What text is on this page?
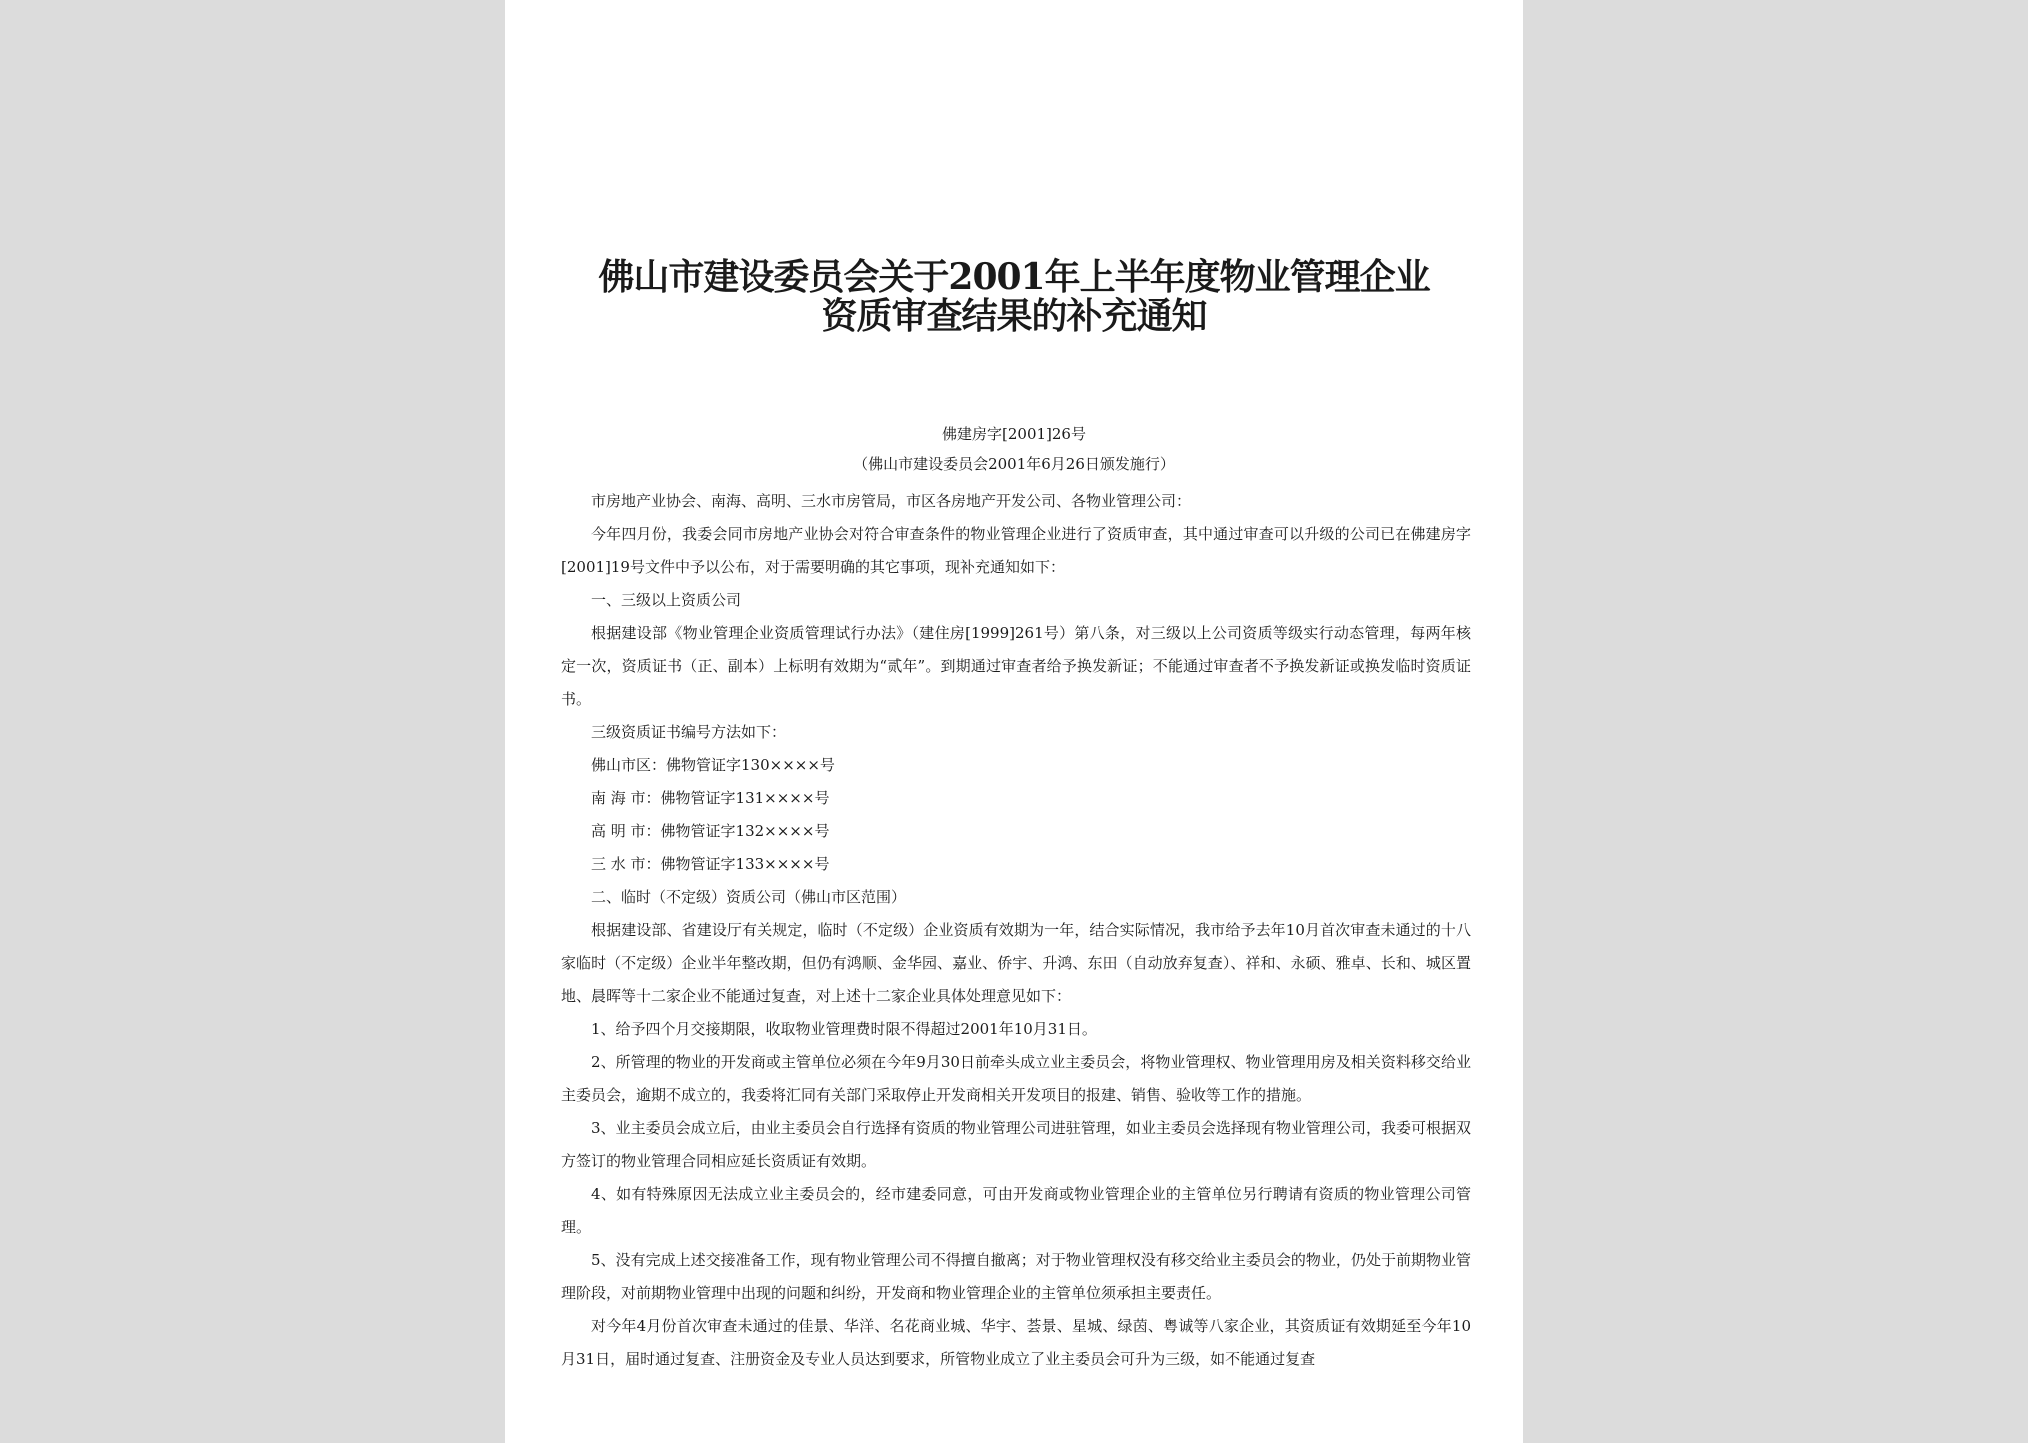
佛山市建设委员会关于2001年上半年度物业管理企业
资质审查结果的补充通知
佛建房字[2001]26号
（佛山市建设委员会2001年6月26日颁发施行）

市房地产业协会、南海、高明、三水市房管局，市区各房地产开发公司、各物业管理公司：

今年四月份，我委会同市房地产业协会对符合审查条件的物业管理企业进行了资质审查，其中通过审查可以升级的公司已在佛建房字[2001]19号文件中予以公布，对于需要明确的其它事项，现补充通知如下：

一、三级以上资质公司

根据建设部《物业管理企业资质管理试行办法》（建住房[1999]261号）第八条，对三级以上公司资质等级实行动态管理，每两年核定一次，资质证书（正、副本）上标明有效期为“贰年”。到期通过审查者给予换发新证；不能通过审查者不予换发新证或换发临时资质证书。

三级资质证书编号方法如下：

佛山市区：佛物管证字130××××号

南 海 市：佛物管证字131××××号

高 明 市：佛物管证字132××××号

三 水 市：佛物管证字133××××号

二、临时（不定级）资质公司（佛山市区范围）

根据建设部、省建设厅有关规定，临时（不定级）企业资质有效期为一年，结合实际情况，我市给予去年10月首次审查未通过的十八家临时（不定级）企业半年整改期，但仍有鸿顺、金华园、嘉业、侨宇、升鸿、东田（自动放弃复查）、祥和、永硕、雅卓、长和、城区置地、晨晖等十二家企业不能通过复查，对上述十二家企业具体处理意见如下：

1、给予四个月交接期限，收取物业管理费时限不得超过2001年10月31日。

2、所管理的物业的开发商或主管单位必须在今年9月30日前牵头成立业主委员会，将物业管理权、物业管理用房及相关资料移交给业主委员会，逾期不成立的，我委将汇同有关部门采取停止开发商相关开发项目的报建、销售、验收等工作的措施。

3、业主委员会成立后，由业主委员会自行选择有资质的物业管理公司进驻管理，如业主委员会选择现有物业管理公司，我委可根据双方签订的物业管理合同相应延长资质证有效期。

4、如有特殊原因无法成立业主委员会的，经市建委同意，可由开发商或物业管理企业的主管单位另行聘请有资质的物业管理公司管理。

5、没有完成上述交接准备工作，现有物业管理公司不得擅自撤离；对于物业管理权没有移交给业主委员会的物业，仍处于前期物业管理阶段，对前期物业管理中出现的问题和纠纷，开发商和物业管理企业的主管单位须承担主要责任。

对今年4月份首次审查未通过的佳景、华洋、名花商业城、华宇、荟景、星城、绿茵、粤诚等八家企业，其资质证有效期延至今年10月31日，届时通过复查、注册资金及专业人员达到要求，所管物业成立了业主委员会可升为三级，如不能通过复查
